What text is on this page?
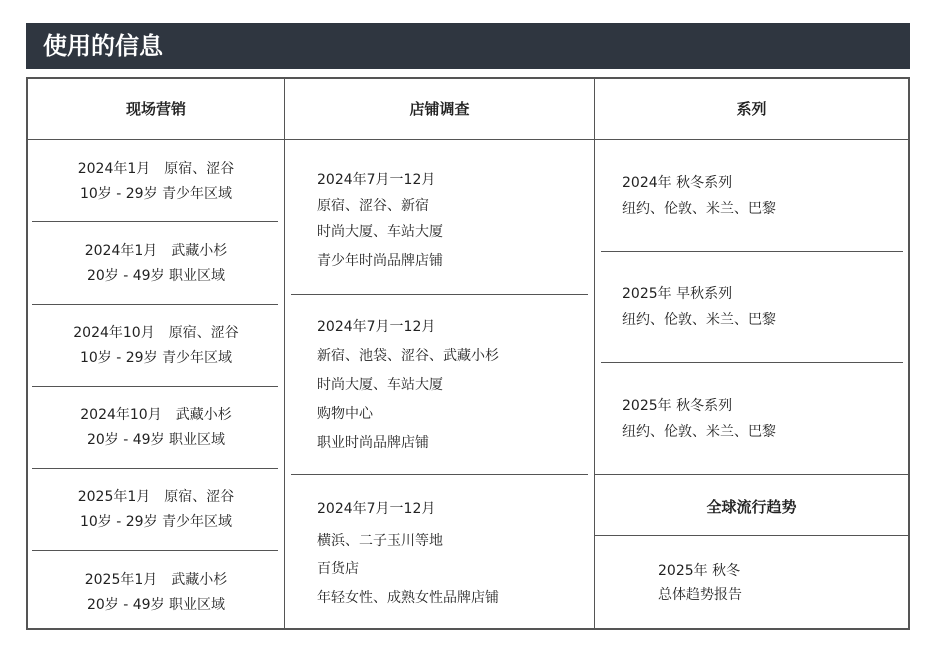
使用的信息
现场营销	店铺调查	系列
全球流行趋势
2024年1月　原宿、涩谷
10岁 - 29岁 青少年区域
2024年1月　武藏小杉
20岁 - 49岁 职业区域
2024年10月　原宿、涩谷
10岁 - 29岁 青少年区域
2024年10月　武藏小杉
20岁 - 49岁 职业区域
2025年1月　原宿、涩谷
10岁 - 29岁 青少年区域
2025年1月　武藏小杉
20岁 - 49岁 职业区域
2024年7月一12月
原宿、涩谷、新宿
时尚大厦、车站大厦
青少年时尚品牌店铺
2024年7月一12月
新宿、池袋、涩谷、武藏小杉
时尚大厦、车站大厦
购物中心
职业时尚品牌店铺
2024年7月一12月
横浜、二子玉川等地
百货店
年轻女性、成熟女性品牌店铺
2024年 秋冬系列
纽约、伦敦、米兰、巴黎
2025年 早秋系列
纽约、伦敦、米兰、巴黎
2025年 秋冬系列
纽约、伦敦、米兰、巴黎
2025年 秋冬
总体趋势报告
